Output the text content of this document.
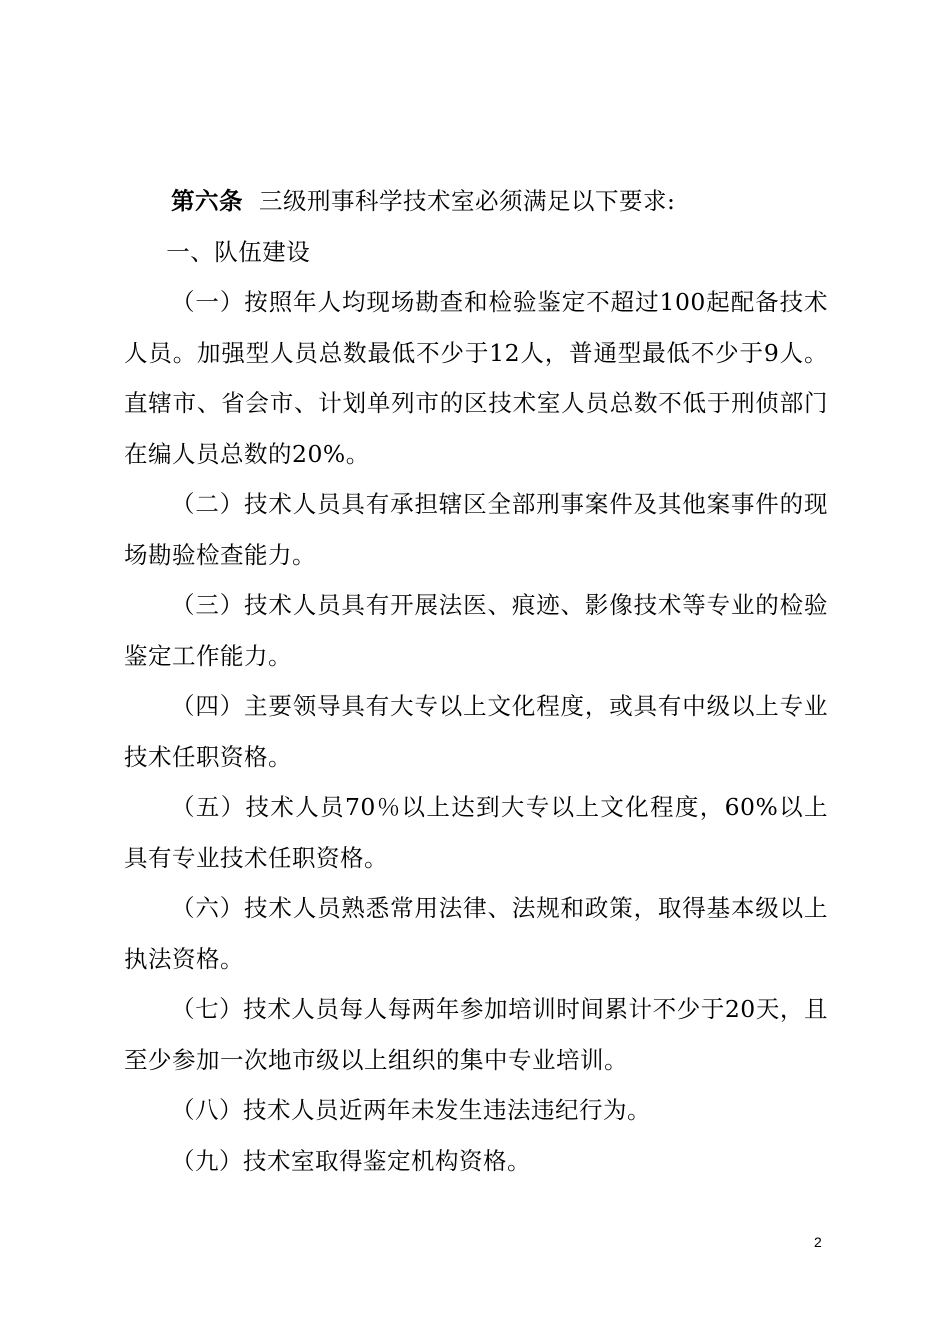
第六条 三级刑事科学技术室必须满足以下要求:

一、队伍建设

（一）按照年人均现场勘查和检验鉴定不超过100起配备技术人员。加强型人员总数最低不少于12人，普通型最低不少于9人。直辖市、省会市、计划单列市的区技术室人员总数不低于刑侦部门在编人员总数的20%。

（二）技术人员具有承担辖区全部刑事案件及其他案事件的现场勘验检查能力。

（三）技术人员具有开展法医、痕迹、影像技术等专业的检验鉴定工作能力。

（四）主要领导具有大专以上文化程度，或具有中级以上专业技术任职资格。

（五）技术人员70％以上达到大专以上文化程度，60%以上具有专业技术任职资格。

（六）技术人员熟悉常用法律、法规和政策，取得基本级以上执法资格。

（七）技术人员每人每两年参加培训时间累计不少于20天，且至少参加一次地市级以上组织的集中专业培训。

（八）技术人员近两年未发生违法违纪行为。

（九）技术室取得鉴定机构资格。

2
